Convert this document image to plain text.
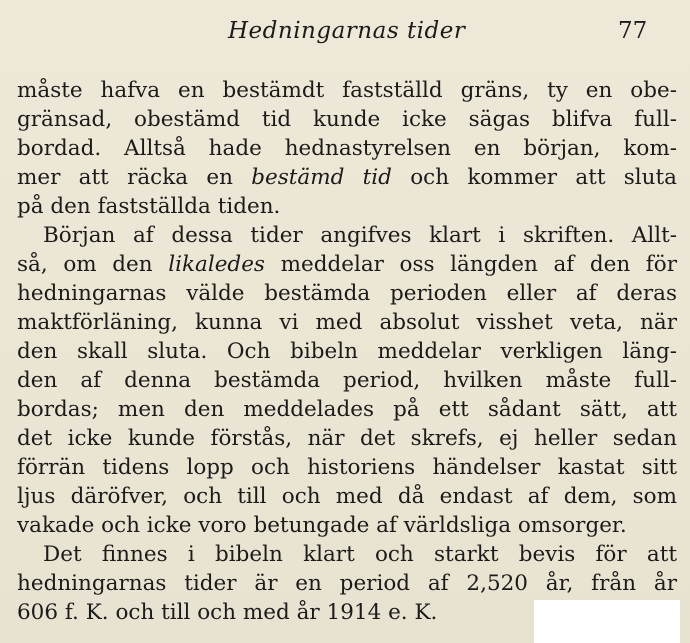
Hedningarnas tider	77
måste hafva en bestämdt fastställd gräns, ty en obe-
gränsad, obestämd tid kunde icke sägas blifva full-
bordad. Alltså hade hednastyrelsen en början, kom-
mer att räcka en bestämd tid och kommer att sluta
på den fastställda tiden.
Början af dessa tider angifves klart i skriften. Allt-
så, om den likaledes meddelar oss längden af den för
hedningarnas välde bestämda perioden eller af deras
maktförläning, kunna vi med absolut visshet veta, när
den skall sluta. Och bibeln meddelar verkligen läng-
den af denna bestämda period, hvilken måste full-
bordas; men den meddelades på ett sådant sätt, att
det icke kunde förstås, när det skrefs, ej heller sedan
förrän tidens lopp och historiens händelser kastat sitt
ljus däröfver, och till och med då endast af dem, som
vakade och icke voro betungade af världsliga omsorger.
Det finnes i bibeln klart och starkt bevis för att
hedningarnas tider är en period af 2,520 år, från år
606 f. K. och till och med år 1914 e. K.
